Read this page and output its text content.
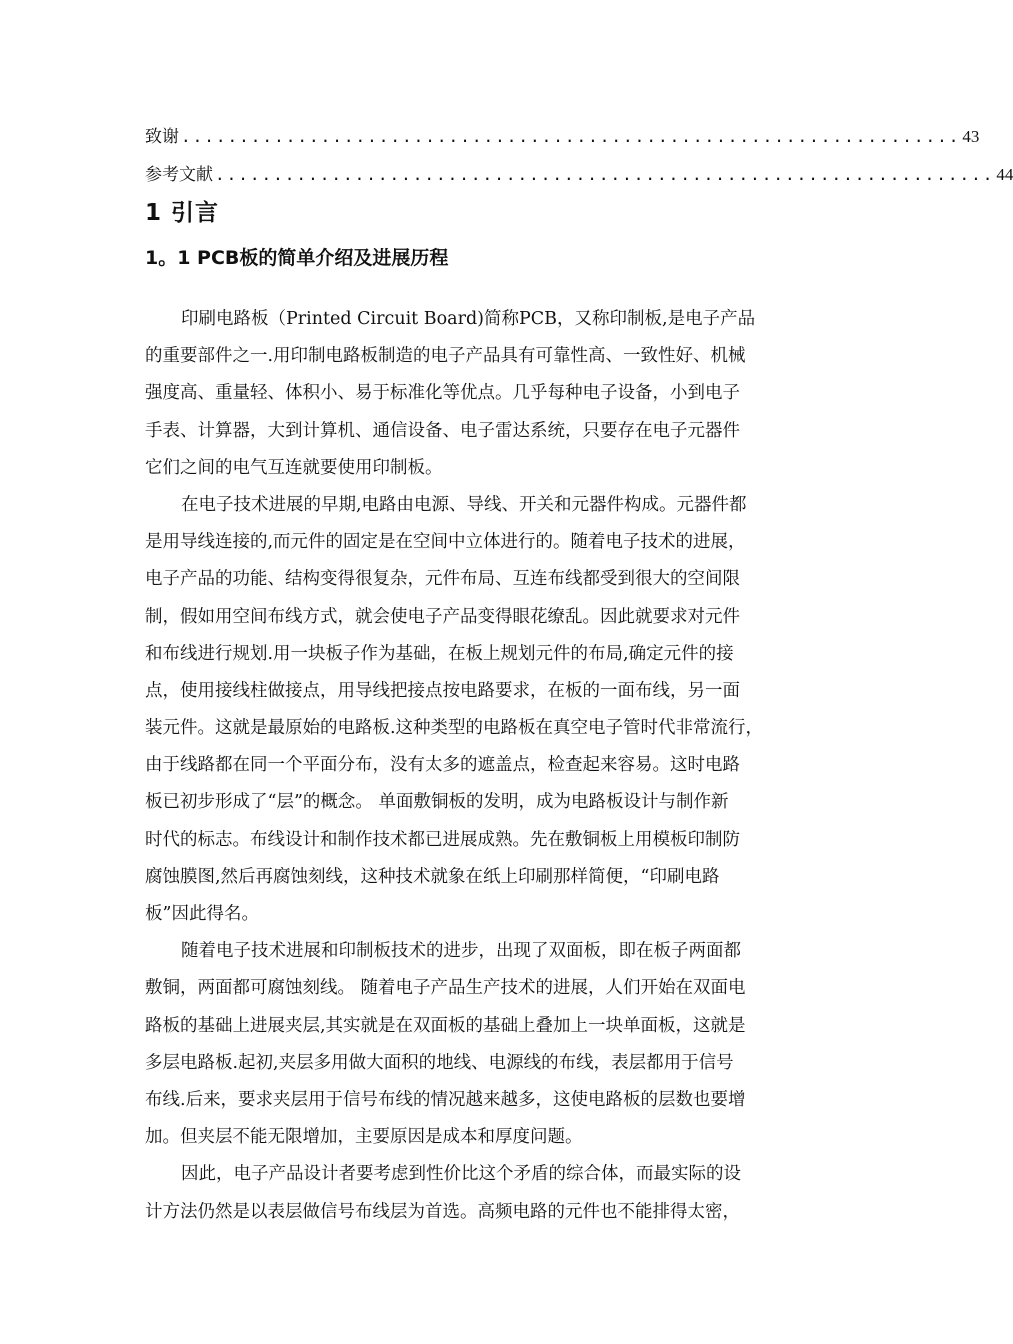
致谢 ................................................................... 43
参考文献 ................................................................... 44
1 引言
1。1 PCB板的简单介绍及进展历程
印刷电路板（Printed Circuit Board)简称PCB，又称印制板,是电子产品
的重要部件之一.用印制电路板制造的电子产品具有可靠性高、一致性好、机械
强度高、重量轻、体积小、易于标准化等优点。几乎每种电子设备，小到电子
手表、计算器，大到计算机、通信设备、电子雷达系统，只要存在电子元器件
它们之间的电气互连就要使用印制板。
在电子技术进展的早期,电路由电源、导线、开关和元器件构成。元器件都
是用导线连接的,而元件的固定是在空间中立体进行的。随着电子技术的进展，
电子产品的功能、结构变得很复杂，元件布局、互连布线都受到很大的空间限
制，假如用空间布线方式，就会使电子产品变得眼花缭乱。因此就要求对元件
和布线进行规划.用一块板子作为基础，在板上规划元件的布局,确定元件的接
点，使用接线柱做接点，用导线把接点按电路要求，在板的一面布线，另一面
装元件。这就是最原始的电路板.这种类型的电路板在真空电子管时代非常流行，
由于线路都在同一个平面分布，没有太多的遮盖点，检查起来容易。这时电路
板已初步形成了“层”的概念。 单面敷铜板的发明，成为电路板设计与制作新
时代的标志。布线设计和制作技术都已进展成熟。先在敷铜板上用模板印制防
腐蚀膜图,然后再腐蚀刻线，这种技术就象在纸上印刷那样简便，“印刷电路
板”因此得名。
随着电子技术进展和印制板技术的进步，出现了双面板，即在板子两面都
敷铜，两面都可腐蚀刻线。 随着电子产品生产技术的进展，人们开始在双面电
路板的基础上进展夹层,其实就是在双面板的基础上叠加上一块单面板，这就是
多层电路板.起初,夹层多用做大面积的地线、电源线的布线，表层都用于信号
布线.后来，要求夹层用于信号布线的情况越来越多，这使电路板的层数也要增
加。但夹层不能无限增加，主要原因是成本和厚度问题。
因此，电子产品设计者要考虑到性价比这个矛盾的综合体，而最实际的设
计方法仍然是以表层做信号布线层为首选。高频电路的元件也不能排得太密，
